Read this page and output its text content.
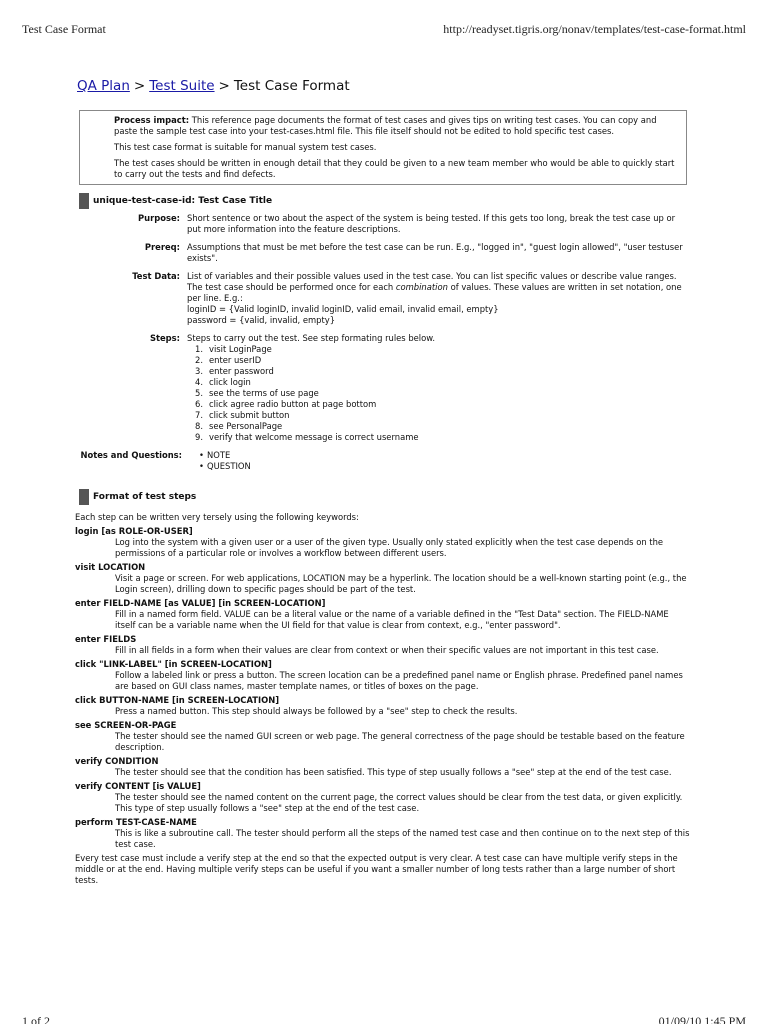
Test Case Format	http://readyset.tigris.org/nonav/templates/test-case-format.html
QA Plan > Test Suite > Test Case Format

Process impact: This reference page documents the format of test cases and gives tips on writing test cases. You can copy and paste the sample test case into your test-cases.html file. This file itself should not be edited to hold specific test cases.

This test case format is suitable for manual system test cases.

The test cases should be written in enough detail that they could be given to a new team member who would be able to quickly start to carry out the tests and find defects.

unique-test-case-id: Test Case Title
Purpose: Short sentence or two about the aspect of the system is being tested. If this gets too long, break the test case up or put more information into the feature descriptions.
Prereq: Assumptions that must be met before the test case can be run. E.g., "logged in", "guest login allowed", "user testuser exists".
Test Data: List of variables and their possible values used in the test case. You can list specific values or describe value ranges. The test case should be performed once for each combination of values. These values are written in set notation, one per line. E.g.:
loginID = {Valid loginID, invalid loginID, valid email, invalid email, empty}
password = {valid, invalid, empty}
Steps: Steps to carry out the test. See step formating rules below.
visit LoginPage
enter userID
enter password
click login
see the terms of use page
click agree radio button at page bottom
click submit button
see PersonalPage
verify that welcome message is correct username
Notes and Questions:	• NOTE
• QUESTION
Format of test steps
Each step can be written very tersely using the following keywords:
login [as ROLE-OR-USER]
Log into the system with a given user or a user of the given type. Usually only stated explicitly when the test case depends on the permissions of a particular role or involves a workflow between different users.
visit LOCATION
Visit a page or screen. For web applications, LOCATION may be a hyperlink. The location should be a well-known starting point (e.g., the Login screen), drilling down to specific pages should be part of the test.
enter FIELD-NAME [as VALUE] [in SCREEN-LOCATION]
Fill in a named form field. VALUE can be a literal value or the name of a variable defined in the "Test Data" section. The FIELD-NAME itself can be a variable name when the UI field for that value is clear from context, e.g., "enter password".
enter FIELDS
Fill in all fields in a form when their values are clear from context or when their specific values are not important in this test case.
click "LINK-LABEL" [in SCREEN-LOCATION]
Follow a labeled link or press a button. The screen location can be a predefined panel name or English phrase. Predefined panel names are based on GUI class names, master template names, or titles of boxes on the page.
click BUTTON-NAME [in SCREEN-LOCATION]
Press a named button. This step should always be followed by a "see" step to check the results.
see SCREEN-OR-PAGE
The tester should see the named GUI screen or web page. The general correctness of the page should be testable based on the feature description.
verify CONDITION
The tester should see that the condition has been satisfied. This type of step usually follows a "see" step at the end of the test case.
verify CONTENT [is VALUE]
The tester should see the named content on the current page, the correct values should be clear from the test data, or given explicitly. This type of step usually follows a "see" step at the end of the test case.
perform TEST-CASE-NAME
This is like a subroutine call. The tester should perform all the steps of the named test case and then continue on to the next step of this test case.
Every test case must include a verify step at the end so that the expected output is very clear. A test case can have multiple verify steps in the middle or at the end. Having multiple verify steps can be useful if you want a smaller number of long tests rather than a large number of short tests.
1 of 2	01/09/10 1:45 PM
